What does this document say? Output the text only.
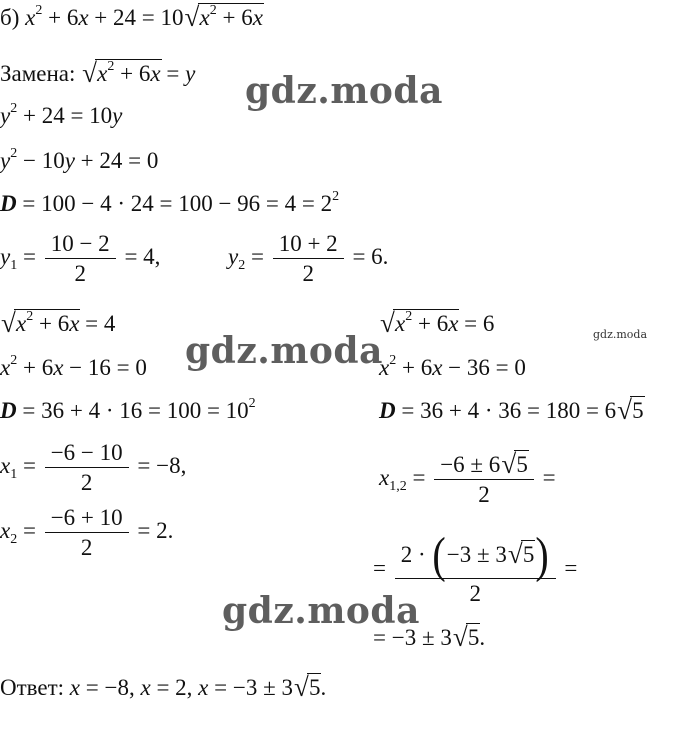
б) $x^2 + 6x + 24 = 10√$ $x^2 + 6x$
Замена: √ $x^2 + 6x = y$
$y^2 + 24 = 10y$
$y^2 - 10y + 24 = 0$
$D = 100 - 4 \cdot 24 = 100 - 96 = 4 = 2^2$
$y_1 = \frac{10 - 2}{2} = 4$,	$y_2 = \frac{10 + 2}{2} = 6$.
√ $x^2 + 6x = 4$
$x^2 + 6x - 16 = 0$
$D = 36 + 4 \cdot 16 = 100 = 10^2$
$x_1 = \frac{-6 - 10}{2} = -8$,
$x_2 = \frac{-6 + 10}{2} = 2$.
√ $x^2 + 6x = 6$
$x^2 + 6x - 36 = 0$
D = 36 + 4 · 36 = 180 = 6√ 5
$x_{1,2} = \frac{-6 \pm 6√ 5}{2}$ =
= $\frac{2 \cdot (-3 \pm 3√ 5)}{2}$ =
= −3 ± 3√ 5.
Ответ: x = −8, x = 2, x = −3 ± 3√ 5.
gdz.moda
gdz.moda
gdz.moda
gdz.moda
